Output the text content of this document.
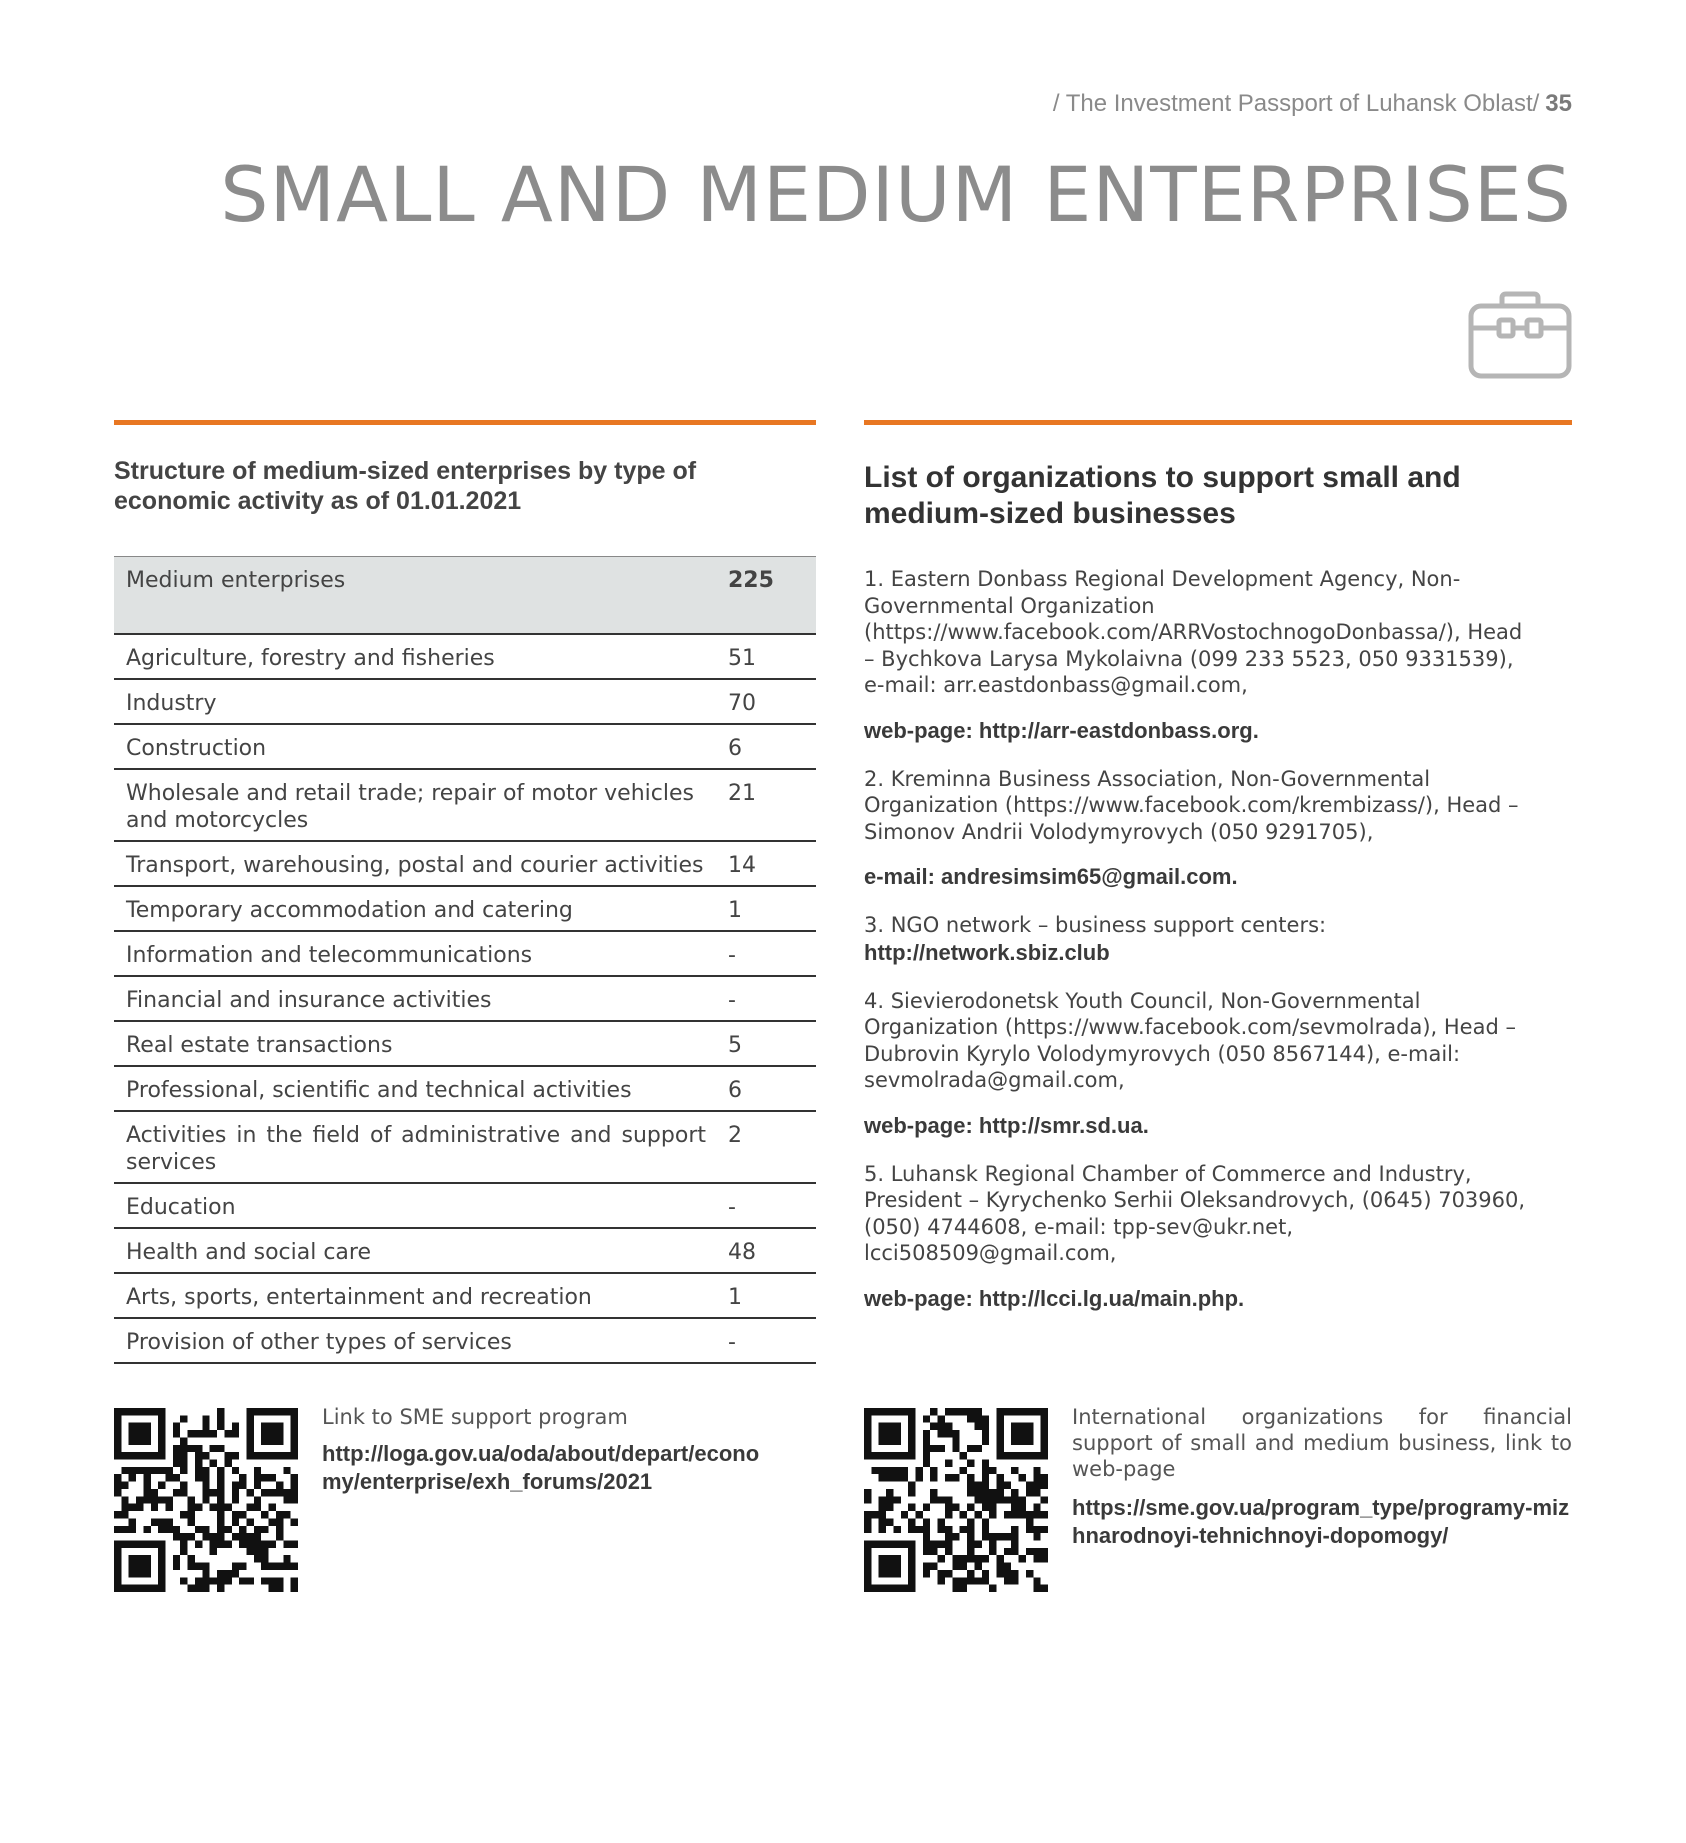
/ The Investment Passport of Luhansk Oblast/ 35
SMALL AND MEDIUM ENTERPRISES
Structure of medium-sized enterprises by type of economic activity as of 01.01.2021
Medium enterprises	225
Agriculture, forestry and fisheries	51
Industry	70
Construction	6
Wholesale and retail trade; repair of motor vehicles and motorcycles	21
Transport, warehousing, postal and courier activities	14
Temporary accommodation and catering	1
Information and telecommunications	-
Financial and insurance activities	-
Real estate transactions	5
Professional, scientific and technical activities	6
Activities in the field of administrative and support services	2
Education	-
Health and social care	48
Arts, sports, entertainment and recreation	1
Provision of other types of services	-
List of organizations to support small and medium-sized businesses

1. Eastern Donbass Regional Development Agency, Non-Governmental Organization (https://www.facebook.com/ARRVostochnogoDonbassa/), Head – Bychkova Larysa Mykolaivna (099 233 5523, 050 9331539), e-mail: arr.eastdonbass@gmail.com,

web-page: http://arr-eastdonbass.org.

2. Kreminna Business Association, Non-Governmental Organization (https://www.facebook.com/krembizass/), Head – Simonov Andrii Volodymyrovych (050 9291705),

e-mail: andresimsim65@gmail.com.

3. NGO network – business support centers:

http://network.sbiz.club

4. Sievierodonetsk Youth Council, Non-Governmental Organization (https://www.facebook.com/sevmolrada), Head – Dubrovin Kyrylo Volodymyrovych (050 8567144), e-mail: sevmolrada@gmail.com,

web-page: http://smr.sd.ua.

5. Luhansk Regional Chamber of Commerce and Industry, President – Kyrychenko Serhii Oleksandrovych, (0645) 703960, (050) 4744608, e-mail: tpp-sev@ukr.net, lcci508509@gmail.com,

web-page: http://lcci.lg.ua/main.php.

Link to SME support program
http://loga.gov.ua/oda/about/depart/economy/enterprise/exh_forums/2021
International organizations for financial support of small and medium business, link to web-page
https://sme.gov.ua/program_type/programy-mizhnarodnoyi-tehnichnoyi-dopomogy/
